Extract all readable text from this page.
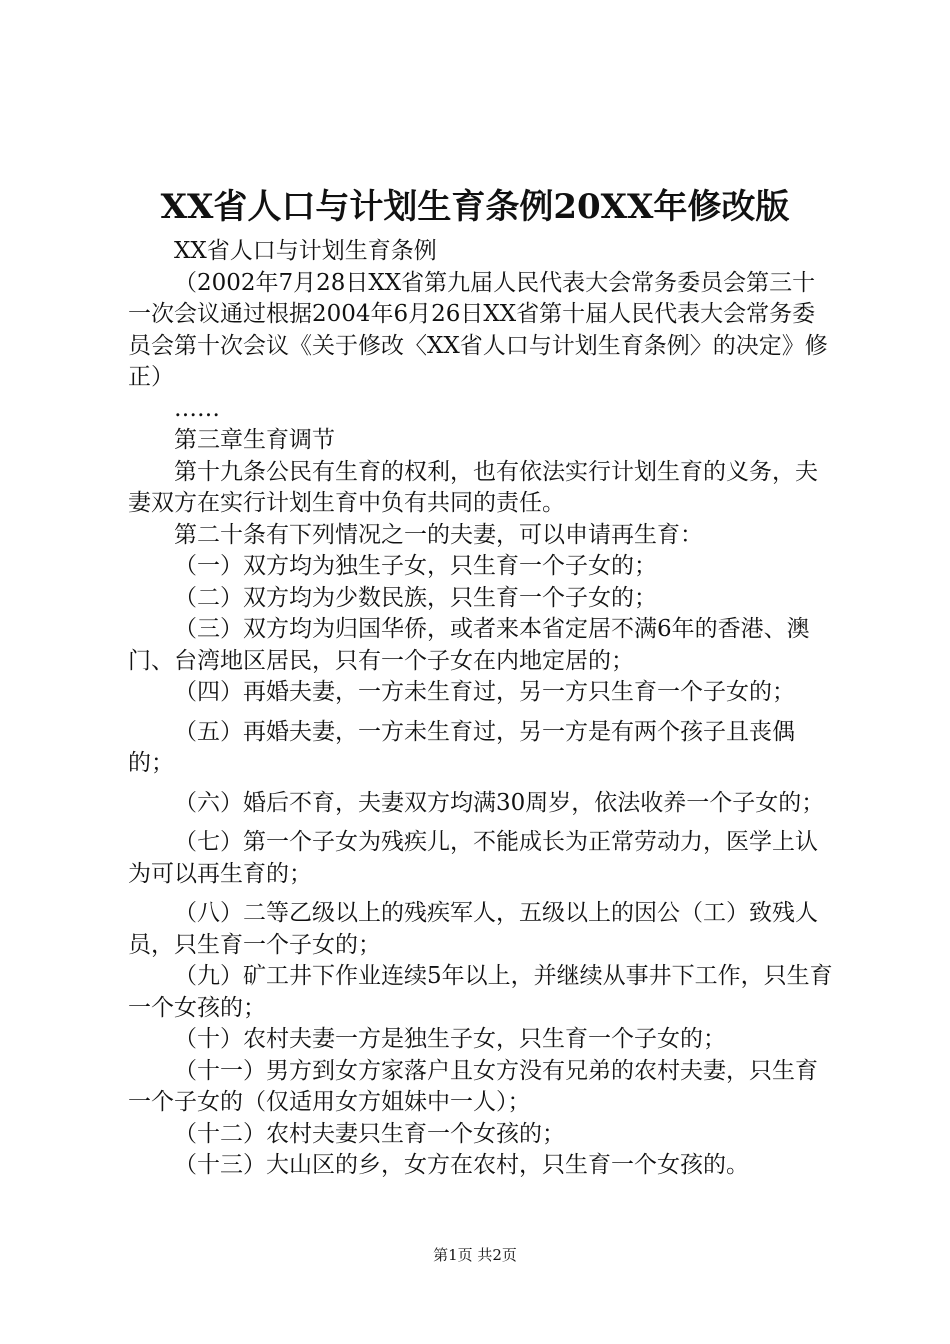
XX省人口与计划生育条例20XX年修改版

XX省人口与计划生育条例

（2002年7月28日XX省第九届人民代表大会常务委员会第三十一次会议通过根据2004年6月26日XX省第十届人民代表大会常务委员会第十次会议《关于修改〈XX省人口与计划生育条例〉的决定》修正）

……

第三章生育调节

第十九条公民有生育的权利，也有依法实行计划生育的义务，夫妻双方在实行计划生育中负有共同的责任。

第二十条有下列情况之一的夫妻，可以申请再生育：

（一）双方均为独生子女，只生育一个子女的；

（二）双方均为少数民族，只生育一个子女的；

（三）双方均为归国华侨，或者来本省定居不满6年的香港、澳门、台湾地区居民，只有一个子女在内地定居的；

（四）再婚夫妻，一方未生育过，另一方只生育一个子女的；

（五）再婚夫妻，一方未生育过，另一方是有两个孩子且丧偶的；

（六）婚后不育，夫妻双方均满30周岁，依法收养一个子女的；

（七）第一个子女为残疾儿，不能成长为正常劳动力，医学上认为可以再生育的；

（八）二等乙级以上的残疾军人，五级以上的因公（工）致残人员，只生育一个子女的；

（九）矿工井下作业连续5年以上，并继续从事井下工作，只生育一个女孩的；

（十）农村夫妻一方是独生子女，只生育一个子女的；

（十一）男方到女方家落户且女方没有兄弟的农村夫妻，只生育一个子女的（仅适用女方姐妹中一人）；

（十二）农村夫妻只生育一个女孩的；

（十三）大山区的乡，女方在农村，只生育一个女孩的。

第1页 共2页
